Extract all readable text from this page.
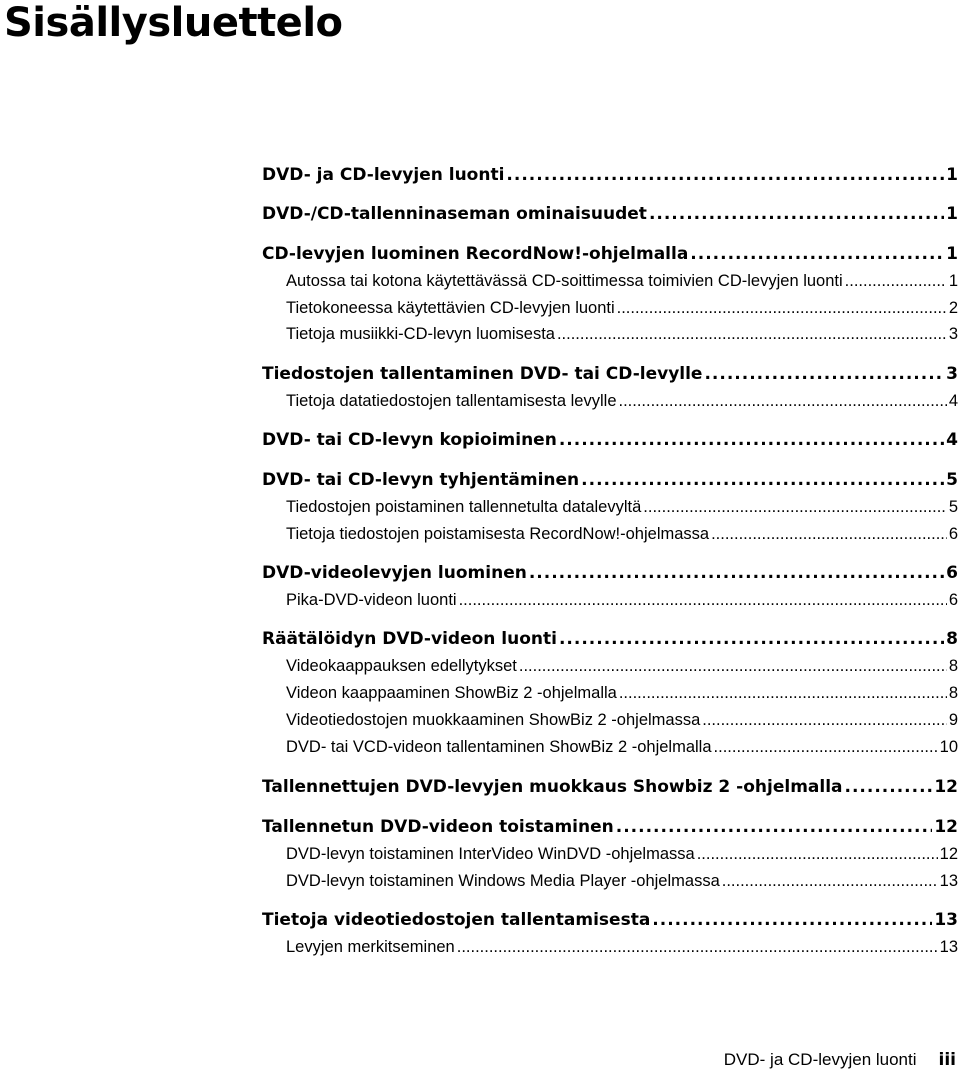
Sisällysluettelo
DVD- ja CD-levyjen luonti .....	1
DVD-/CD-tallenninaseman ominaisuudet .....	1
CD-levyjen luominen RecordNow!-ohjelmalla .....	1
Autossa tai kotona käytettävässä CD-soittimessa toimivien CD-levyjen luonti .....	1
Tietokoneessa käytettävien CD-levyjen luonti .....	2
Tietoja musiikki-CD-levyn luomisesta .....	3
Tiedostojen tallentaminen DVD- tai CD-levylle .....	3
Tietoja datatiedostojen tallentamisesta levylle .....	4
DVD- tai CD-levyn kopioiminen .....	4
DVD- tai CD-levyn tyhjentäminen .....	5
Tiedostojen poistaminen tallennetulta datalevyltä .....	5
Tietoja tiedostojen poistamisesta RecordNow!-ohjelmassa .....	6
DVD-videolevyjen luominen .....	6
Pika-DVD-videon luonti .....	6
Räätälöidyn DVD-videon luonti .....	8
Videokaappauksen edellytykset .....	8
Videon kaappaaminen ShowBiz 2 -ohjelmalla .....	8
Videotiedostojen muokkaaminen ShowBiz 2 -ohjelmassa .....	9
DVD- tai VCD-videon tallentaminen ShowBiz 2 -ohjelmalla .....	10
Tallennettujen DVD-levyjen muokkaus Showbiz 2 -ohjelmalla .....	12
Tallennetun DVD-videon toistaminen .....	12
DVD-levyn toistaminen InterVideo WinDVD -ohjelmassa .....	12
DVD-levyn toistaminen Windows Media Player -ohjelmassa .....	13
Tietoja videotiedostojen tallentamisesta .....	13
Levyjen merkitseminen .....	13
DVD- ja CD-levyjen luonti iii
